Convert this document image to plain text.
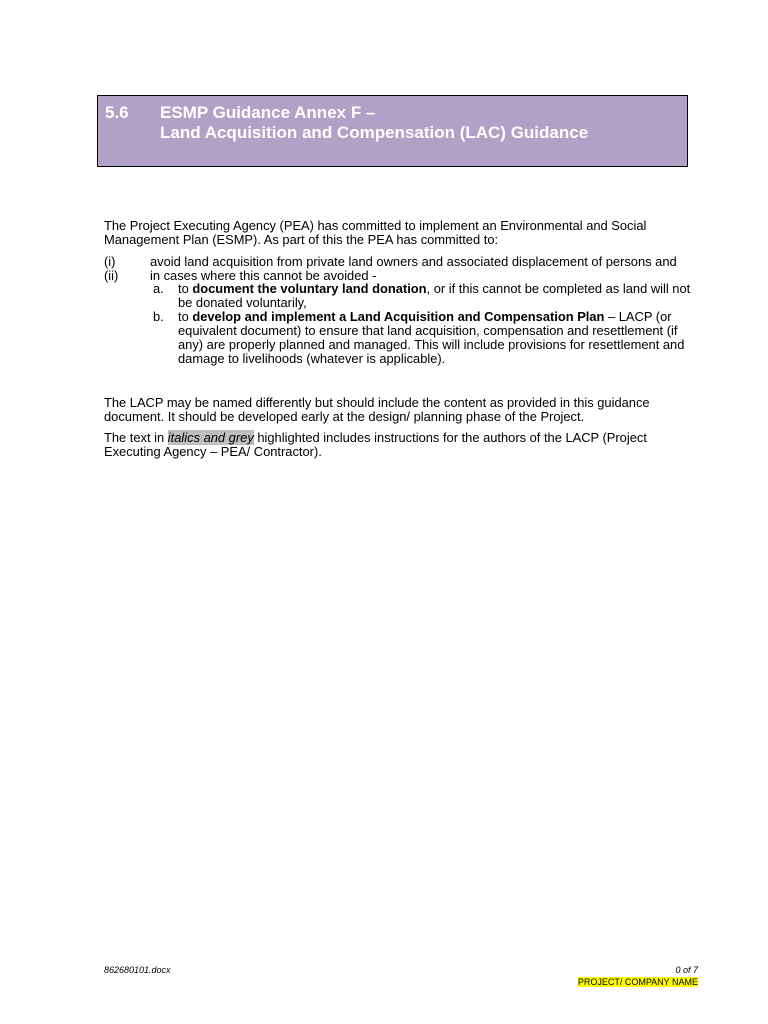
5.6 ESMP Guidance Annex F –
Land Acquisition and Compensation (LAC) Guidance
The Project Executing Agency (PEA) has committed to implement an Environmental and Social Management Plan (ESMP). As part of this the PEA has committed to:
(i)	avoid land acquisition from private land owners and associated displacement of persons and
(ii) in cases where this cannot be avoided -
a. to document the voluntary land donation, or if this cannot be completed as land will not be donated voluntarily,
b. to develop and implement a Land Acquisition and Compensation Plan – LACP (or equivalent document) to ensure that land acquisition, compensation and resettlement (if any) are properly planned and managed. This will include provisions for resettlement and damage to livelihoods (whatever is applicable).
The LACP may be named differently but should include the content as provided in this guidance document. It should be developed early at the design/ planning phase of the Project.
The text in italics and grey highlighted includes instructions for the authors of the LACP (Project Executing Agency – PEA/ Contractor).
862680101.docx	0 of 7
PROJECT/ COMPANY NAME
